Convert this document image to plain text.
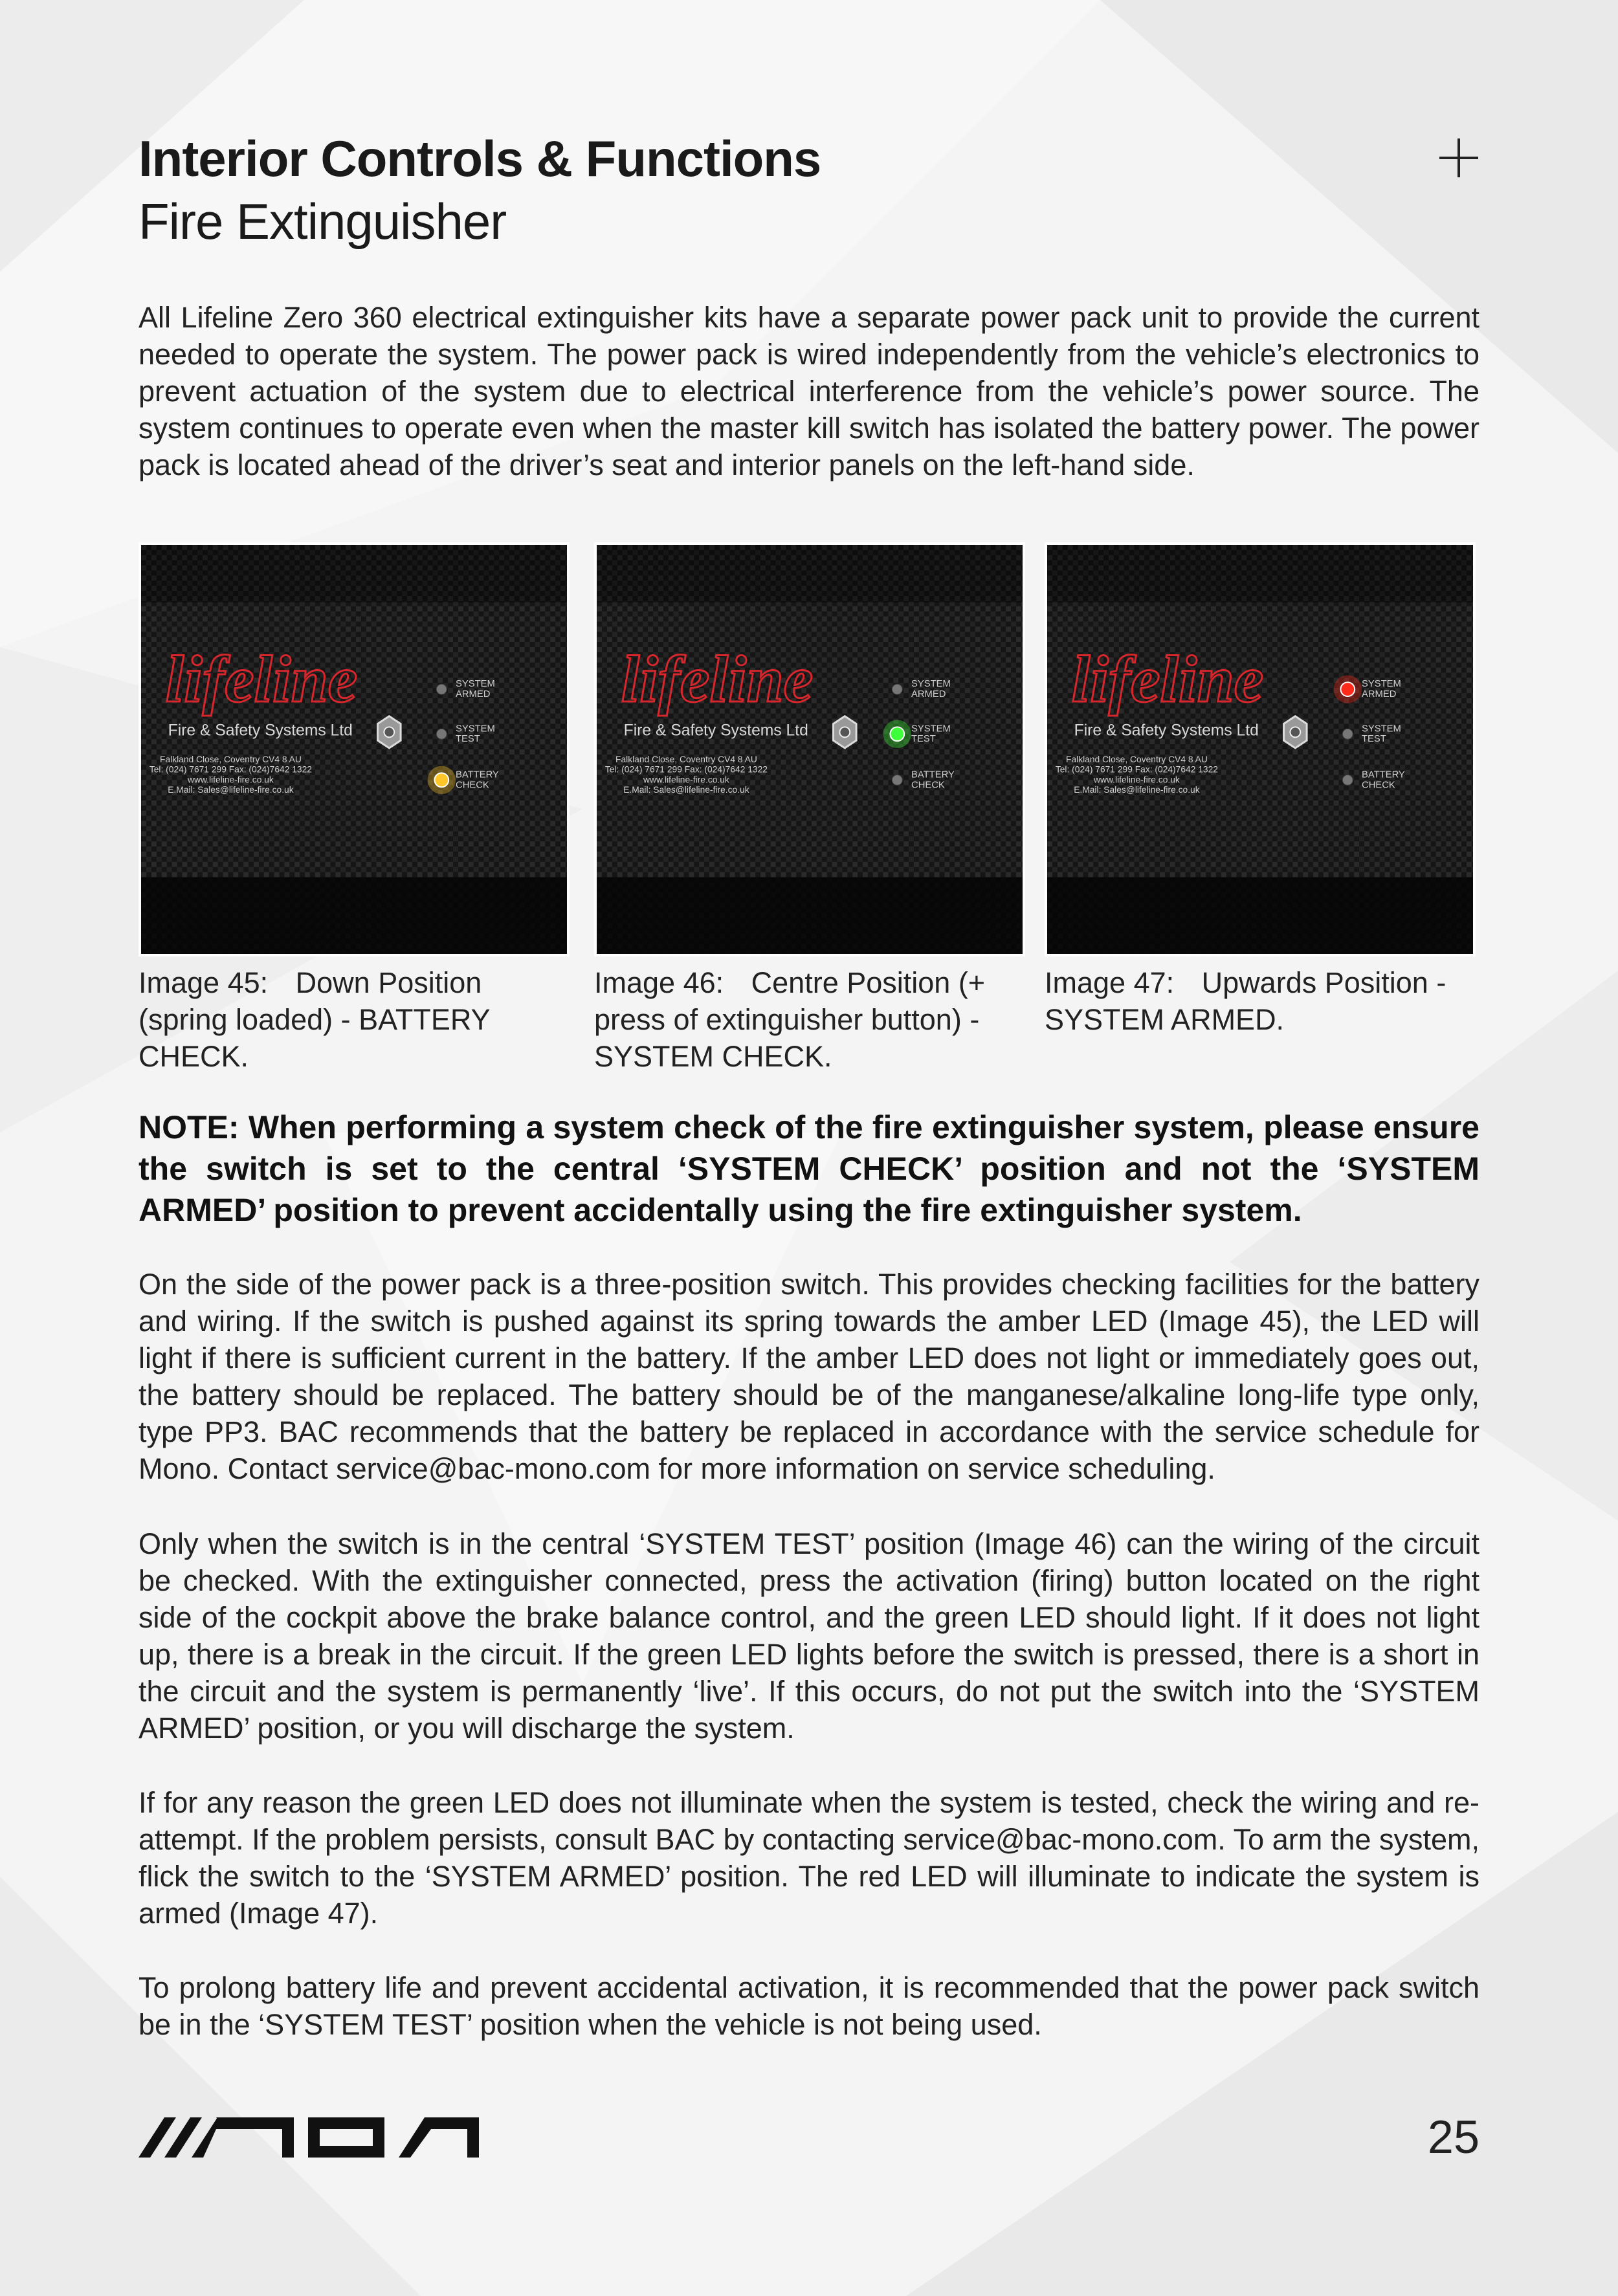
Interior Controls & Functions
Fire Extinguisher

All Lifeline Zero 360 electrical extinguisher kits have a separate power pack unit to provide the current needed to operate the system. The power pack is wired independently from the vehicle’s electronics to prevent actuation of the system due to electrical interference from the vehicle’s power source. The system continues to operate even when the master kill switch has isolated the battery power. The power pack is located ahead of the driver’s seat and interior panels on the left-hand side.

lifeline
Fire & Safety Systems Ltd
Falkland Close, Coventry CV4 8 AU
Tel: (024) 7671 299 Fax: (024)7642 1322
www.lifeline-fire.co.uk
E.Mail: Sales@lifeline-fire.co.uk
SYSTEM
ARMED
SYSTEM
TEST
BATTERY
CHECK
Image 45: Down Position (spring loaded) - BATTERY CHECK.
lifeline
Fire & Safety Systems Ltd
Falkland Close, Coventry CV4 8 AU
Tel: (024) 7671 299 Fax: (024)7642 1322
www.lifeline-fire.co.uk
E.Mail: Sales@lifeline-fire.co.uk
SYSTEM
ARMED
SYSTEM
TEST
BATTERY
CHECK
Image 46: Centre Position (+ press of extinguisher button) - SYSTEM CHECK.
lifeline
Fire & Safety Systems Ltd
Falkland Close, Coventry CV4 8 AU
Tel: (024) 7671 299 Fax: (024)7642 1322
www.lifeline-fire.co.uk
E.Mail: Sales@lifeline-fire.co.uk
SYSTEM
ARMED
SYSTEM
TEST
BATTERY
CHECK
Image 47: Upwards Position - SYSTEM ARMED.

NOTE: When performing a system check of the fire extinguisher system, please ensure the switch is set to the central ‘SYSTEM CHECK’ position and not the ‘SYSTEM ARMED’ position to prevent accidentally using the fire extinguisher system.

On the side of the power pack is a three-position switch. This provides checking facilities for the battery and wiring. If the switch is pushed against its spring towards the amber LED (Image 45), the LED will light if there is sufficient current in the battery. If the amber LED does not light or immediately goes out, the battery should be replaced. The battery should be of the manganese/alkaline long-life type only, type PP3. BAC recommends that the battery be replaced in accordance with the service schedule for Mono. Contact service@bac-mono.com for more information on service scheduling.

Only when the switch is in the central ‘SYSTEM TEST’ position (Image 46) can the wiring of the circuit be checked. With the extinguisher connected, press the activation (firing) button located on the right side of the cockpit above the brake balance control, and the green LED should light. If it does not light up, there is a break in the circuit. If the green LED lights before the switch is pressed, there is a short in the circuit and the system is permanently ‘live’. If this occurs, do not put the switch into the ‘SYSTEM ARMED’ position, or you will discharge the system.

If for any reason the green LED does not illuminate when the system is tested, check the wiring and re-attempt. If the problem persists, consult BAC by contacting service@bac-mono.com. To arm the system, flick the switch to the ‘SYSTEM ARMED’ position. The red LED will illuminate to indicate the system is armed (Image 47).

To prolong battery life and prevent accidental activation, it is recommended that the power pack switch be in the ‘SYSTEM TEST’ position when the vehicle is not being used.

25
